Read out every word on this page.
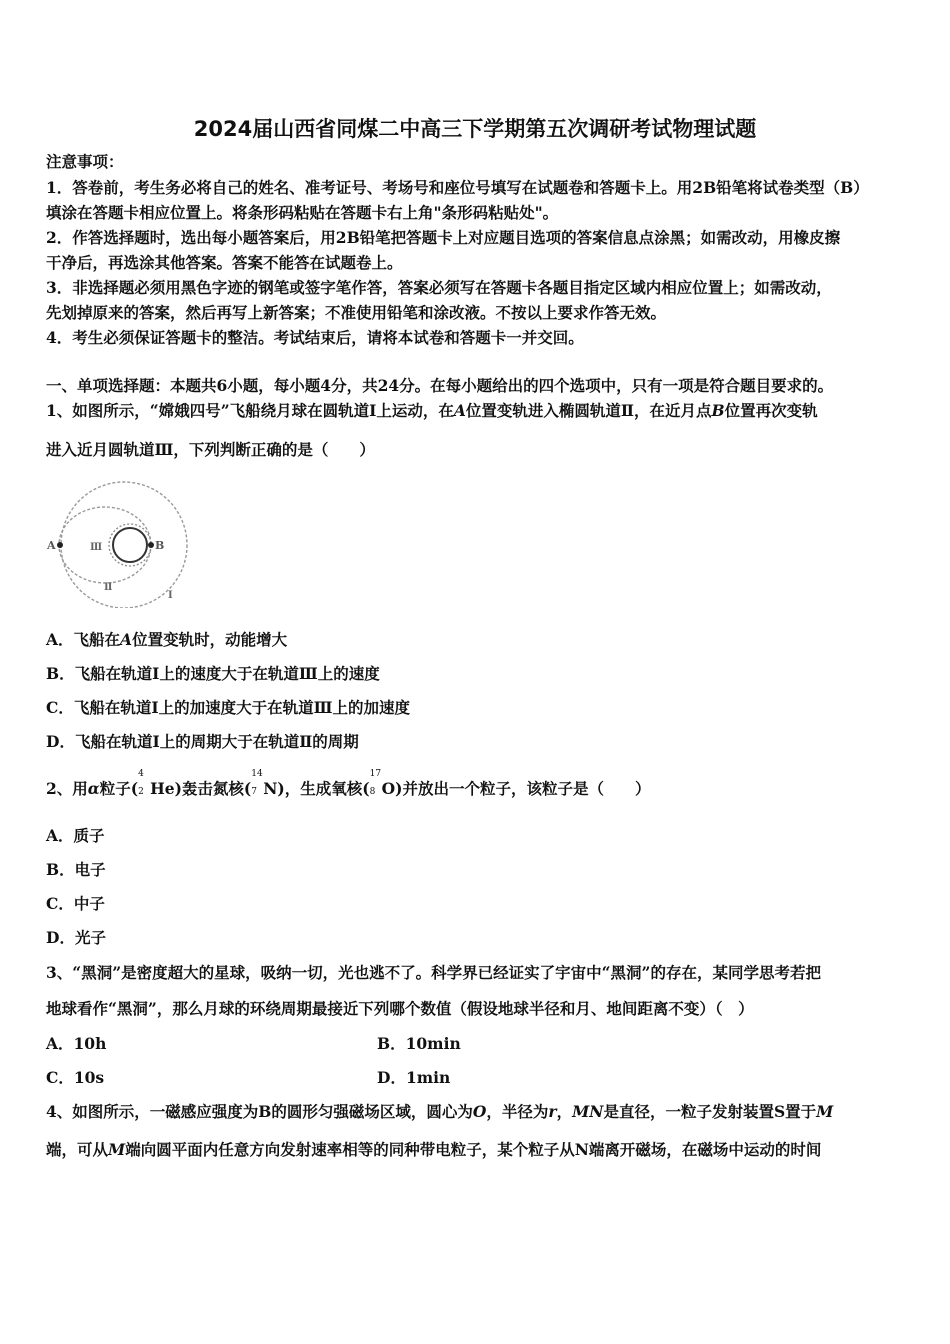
2024届山西省同煤二中高三下学期第五次调研考试物理试题
注意事项：
1．答卷前，考生务必将自己的姓名、准考证号、考场号和座位号填写在试题卷和答题卡上。用2B铅笔将试卷类型（B）
填涂在答题卡相应位置上。将条形码粘贴在答题卡右上角"条形码粘贴处"。
2．作答选择题时，选出每小题答案后，用2B铅笔把答题卡上对应题目选项的答案信息点涂黑；如需改动，用橡皮擦
干净后，再选涂其他答案。答案不能答在试题卷上。
3．非选择题必须用黑色字迹的钢笔或签字笔作答，答案必须写在答题卡各题目指定区域内相应位置上；如需改动，
先划掉原来的答案，然后再写上新答案；不准使用铅笔和涂改液。不按以上要求作答无效。
4．考生必须保证答题卡的整洁。考试结束后，请将本试卷和答题卡一并交回。
一、单项选择题：本题共6小题，每小题4分，共24分。在每小题给出的四个选项中，只有一项是符合题目要求的。
1、如图所示，“嫦娥四号”飞船绕月球在圆轨道Ⅰ上运动，在A位置变轨进入椭圆轨道Ⅱ，在近月点B位置再次变轨
进入近月圆轨道Ⅲ，下列判断正确的是（　　）
A	B
Ⅲ
Ⅱ
Ⅰ
A．飞船在A位置变轨时，动能增大
B．飞船在轨道Ⅰ上的速度大于在轨道Ⅲ上的速度
C．飞船在轨道Ⅰ上的加速度大于在轨道Ⅲ上的加速度
D．飞船在轨道Ⅰ上的周期大于在轨道Ⅱ的周期
2、用α粒子(
4
2 He)轰击氮核(
14
7 N)，生成氧核(
17
8 O)并放出一个粒子，该粒子是（　　）
A．质子
B．电子
C．中子
D．光子
3、“黑洞”是密度超大的星球，吸纳一切，光也逃不了。科学界已经证实了宇宙中“黑洞”的存在，某同学思考若把
地球看作“黑洞”，那么月球的环绕周期最接近下列哪个数值（假设地球半径和月、地间距离不变）（　）
A．10h	B．10min
C．10s	D．1min
4、如图所示，一磁感应强度为B的圆形匀强磁场区域，圆心为O，半径为r，MN是直径，一粒子发射装置S置于M
端，可从M端向圆平面内任意方向发射速率相等的同种带电粒子，某个粒子从N端离开磁场，在磁场中运动的时间
